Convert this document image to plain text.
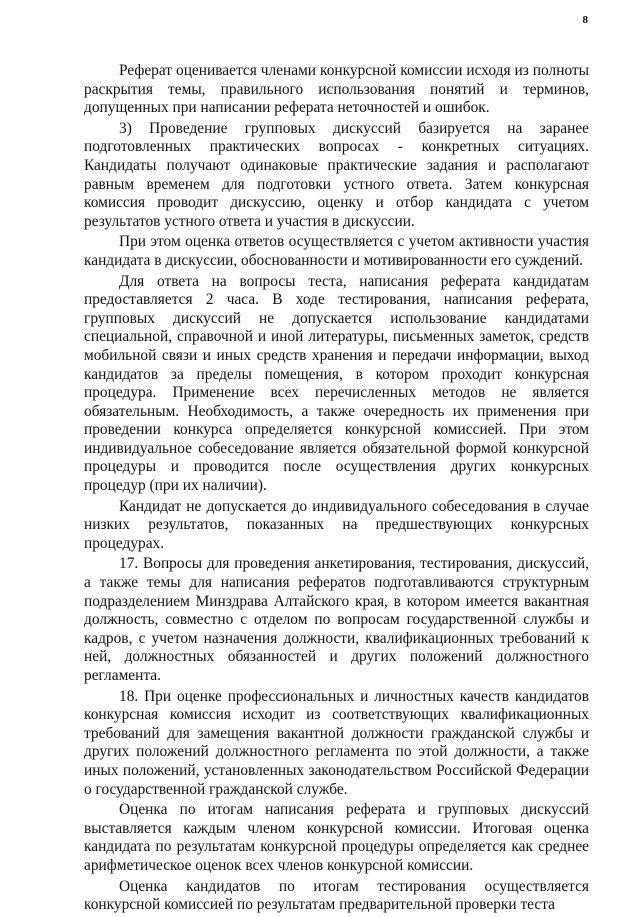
8

Реферат оценивается членами конкурсной комиссии исходя из полноты раскрытия темы, правильного использования понятий и терминов, допущенных при написании реферата неточностей и ошибок.

3) Проведение групповых дискуссий базируется на заранее подготовленных практических вопросах - конкретных ситуациях. Кандидаты получают одинаковые практические задания и располагают равным временем для подготовки устного ответа. Затем конкурсная комиссия проводит дискуссию, оценку и отбор кандидата с учетом результатов устного ответа и участия в дискуссии.

При этом оценка ответов осуществляется с учетом активности участия кандидата в дискуссии, обоснованности и мотивированности его суждений.

Для ответа на вопросы теста, написания реферата кандидатам предоставляется 2 часа. В ходе тестирования, написания реферата, групповых дискуссий не допускается использование кандидатами специальной, справочной и иной литературы, письменных заметок, средств мобильной связи и иных средств хранения и передачи информации, выход кандидатов за пределы помещения, в котором проходит конкурсная процедура. Применение всех перечисленных методов не является обязательным. Необходимость, а также очередность их применения при проведении конкурса определяется конкурсной комиссией. При этом индивидуальное собеседование является обязательной формой конкурсной процедуры и проводится после осуществления других конкурсных процедур (при их наличии).

Кандидат не допускается до индивидуального собеседования в случае низких результатов, показанных на предшествующих конкурсных процедурах.

17. Вопросы для проведения анкетирования, тестирования, дискуссий, а также темы для написания рефератов подготавливаются структурным подразделением Минздрава Алтайского края, в котором имеется вакантная должность, совместно с отделом по вопросам государственной службы и кадров, с учетом назначения должности, квалификационных требований к ней, должностных обязанностей и других положений должностного регламента.

18. При оценке профессиональных и личностных качеств кандидатов конкурсная комиссия исходит из соответствующих квалификационных требований для замещения вакантной должности гражданской службы и других положений должностного регламента по этой должности, а также иных положений, установленных законодательством Российской Федерации о государственной гражданской службе.

Оценка по итогам написания реферата и групповых дискуссий выставляется каждым членом конкурсной комиссии. Итоговая оценка кандидата по результатам конкурсной процедуры определяется как среднее арифметическое оценок всех членов конкурсной комиссии.

Оценка кандидатов по итогам тестирования осуществляется конкурсной комиссией по результатам предварительной проверки теста
